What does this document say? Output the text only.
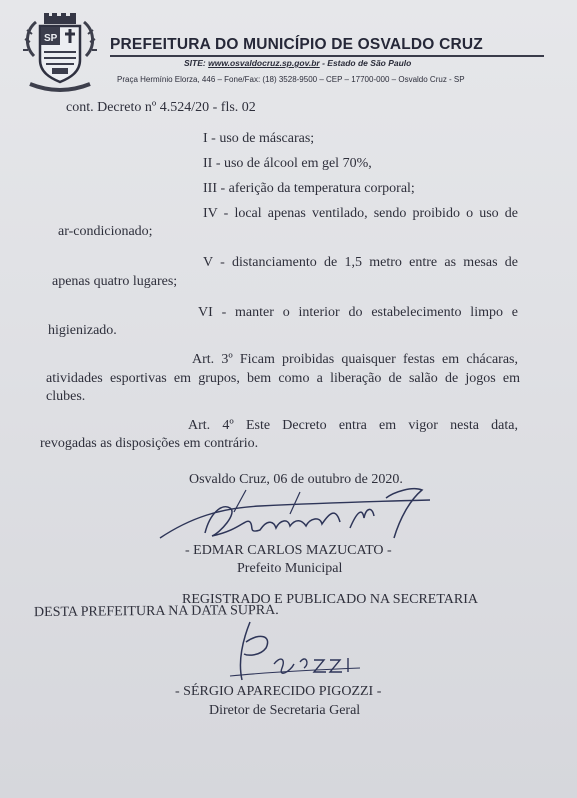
SP	PREFEITURA DO MUNICÍPIO DE OSVALDO CRUZ
SITE: www.osvaldocruz.sp.gov.br - Estado de São Paulo
Praça Hermínio Elorza, 446 – Fone/Fax: (18) 3528-9500 – CEP – 17700-000 – Osvaldo Cruz - SP
cont. Decreto nº 4.524/20 - fls. 02
I - uso de máscaras;
II - uso de álcool em gel 70%,
III - aferição da temperatura corporal;
IV - local apenas ventilado, sendo proibido o uso de
ar-condicionado;
V - distanciamento de 1,5 metro entre as mesas de
apenas quatro lugares;
VI - manter o interior do estabelecimento limpo e
higienizado.
Art. 3º Ficam proibidas quaisquer festas em chácaras,
atividades esportivas em grupos, bem como a liberação de salão de jogos em
clubes.
Art. 4º Este Decreto entra em vigor nesta data,
revogadas as disposições em contrário.
Osvaldo Cruz, 06 de outubro de 2020.
- EDMAR CARLOS MAZUCATO -
Prefeito Municipal
REGISTRADO E PUBLICADO NA SECRETARIA
DESTA PREFEITURA NA DATA SUPRA.
- SÉRGIO APARECIDO PIGOZZI -
Diretor de Secretaria Geral
